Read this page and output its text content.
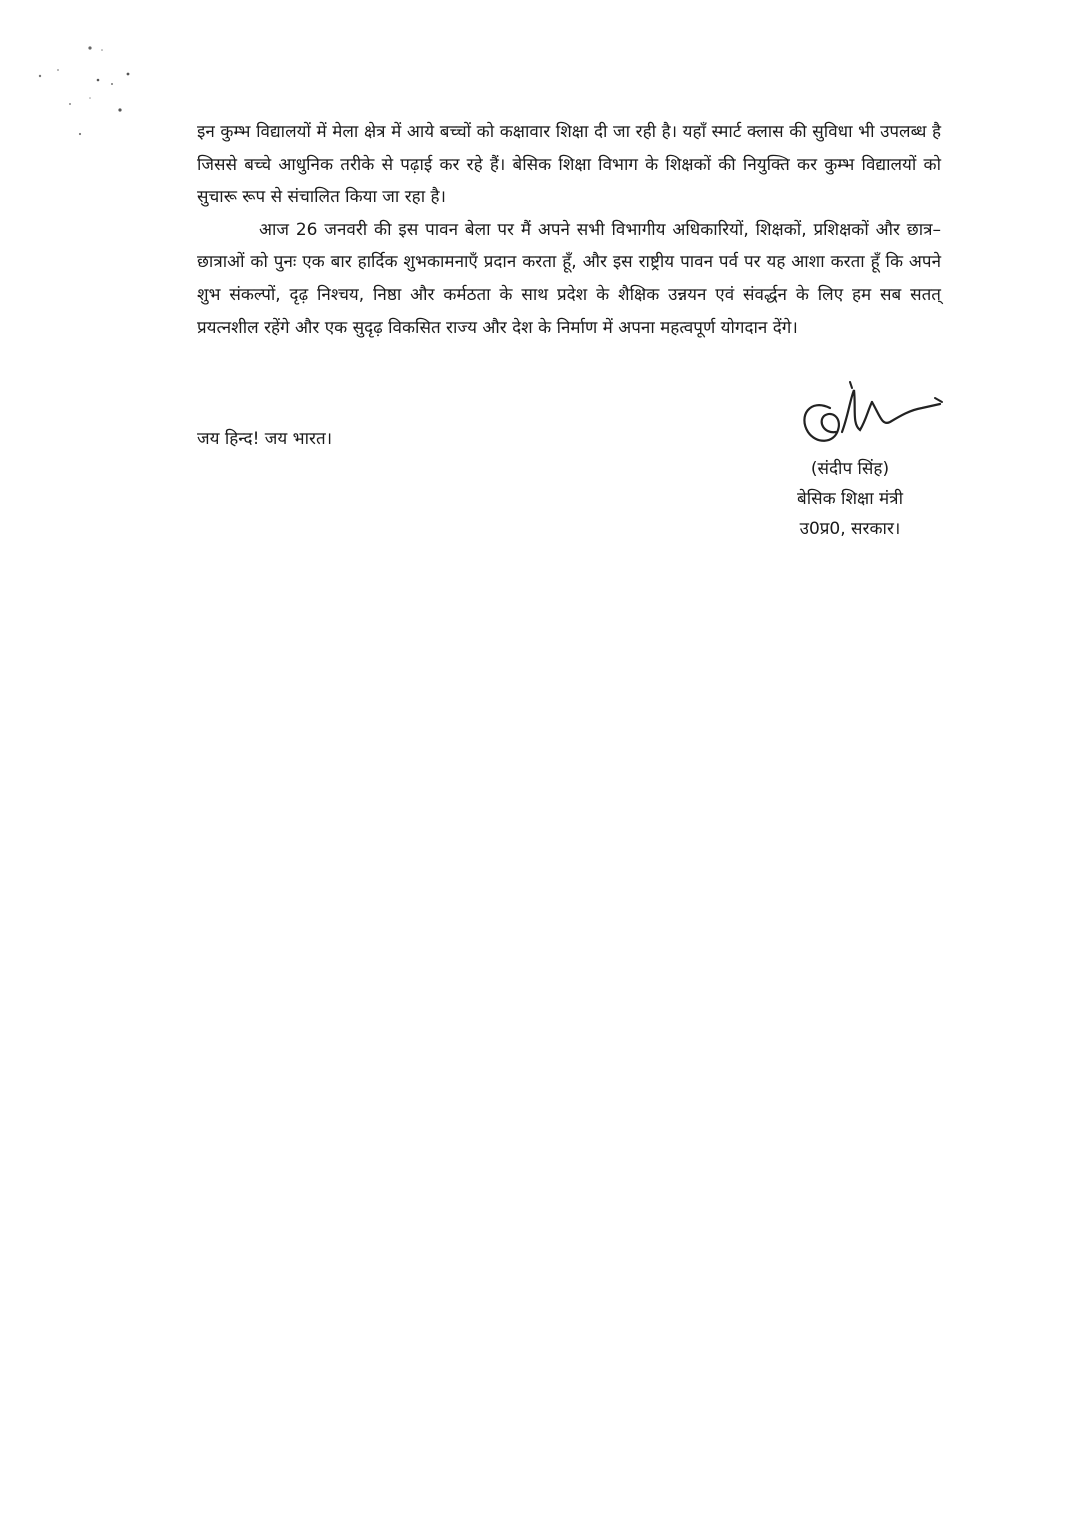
इन कुम्भ विद्यालयों में मेला क्षेत्र में आये बच्चों को कक्षावार शिक्षा दी जा रही है। यहाँ स्मार्ट क्लास की सुविधा भी उपलब्ध है जिससे बच्चे आधुनिक तरीके से पढ़ाई कर रहे हैं। बेसिक शिक्षा विभाग के शिक्षकों की नियुक्ति कर कुम्भ विद्यालयों को सुचारू रूप से संचालित किया जा रहा है।

आज 26 जनवरी की इस पावन बेला पर मैं अपने सभी विभागीय अधिकारियों, शिक्षकों, प्रशिक्षकों और छात्र–छात्राओं को पुनः एक बार हार्दिक शुभकामनाएँ प्रदान करता हूँ, और इस राष्ट्रीय पावन पर्व पर यह आशा करता हूँ कि अपने शुभ संकल्पों, दृढ़ निश्चय, निष्ठा और कर्मठता के साथ प्रदेश के शैक्षिक उन्नयन एवं संवर्द्धन के लिए हम सब सतत् प्रयत्नशील रहेंगे और एक सुदृढ़ विकसित राज्य और देश के निर्माण में अपना महत्वपूर्ण योगदान देंगे।

जय हिन्द! जय भारत।

(संदीप सिंह)
बेसिक शिक्षा मंत्री
उ0प्र0, सरकार।
